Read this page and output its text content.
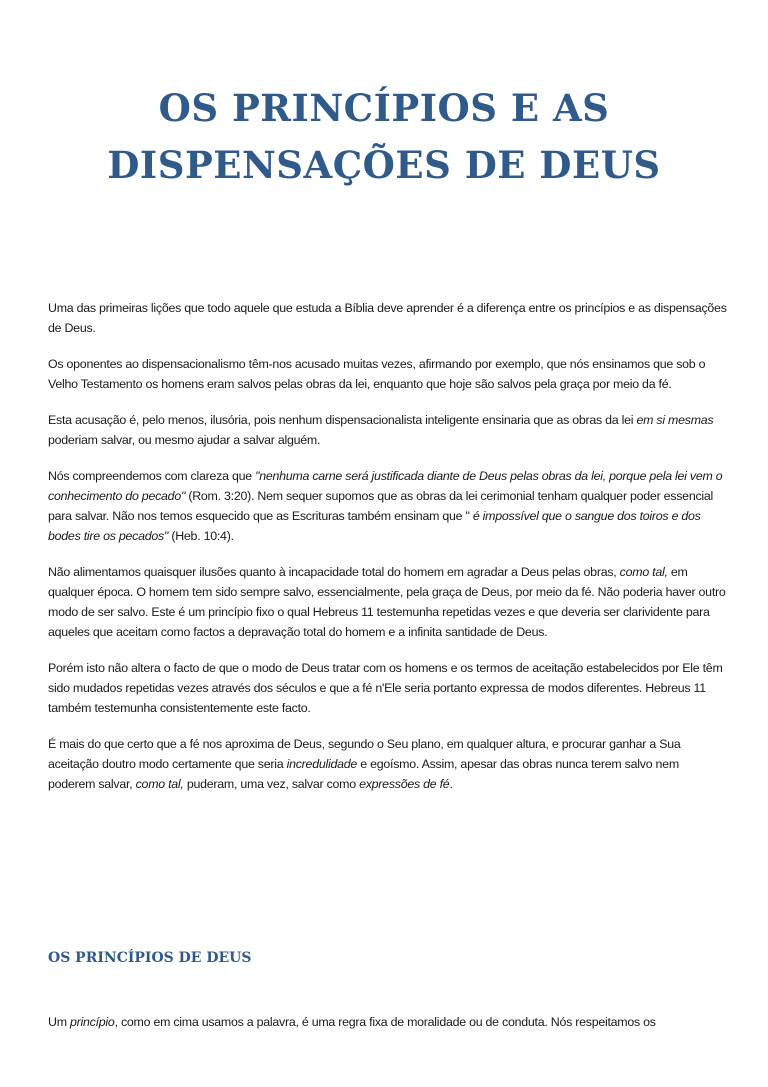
OS PRINCÍPIOS E AS
DISPENSAÇÕES DE DEUS

Uma das primeiras lições que todo aquele que estuda a Bíblia deve aprender é a diferença entre os princípios e as dispensações de Deus.

Os oponentes ao dispensacionalismo têm-nos acusado muitas vezes, afirmando por exemplo, que nós ensinamos que sob o Velho Testamento os homens eram salvos pelas obras da lei, enquanto que hoje são salvos pela graça por meio da fé.

Esta acusação é, pelo menos, ilusória, pois nenhum dispensacionalista inteligente ensinaria que as obras da lei em si mesmas poderiam salvar, ou mesmo ajudar a salvar alguém.

Nós compreendemos com clareza que "nenhuma carne será justificada diante de Deus pelas obras da lei, porque pela lei vem o conhecimento do pecado" (Rom. 3:20). Nem sequer supomos que as obras da lei cerimonial tenham qualquer poder essencial para salvar. Não nos temos esquecido que as Escrituras também ensinam que " é impossível que o sangue dos toiros e dos bodes tire os pecados" (Heb. 10:4).

Não alimentamos quaisquer ilusões quanto à incapacidade total do homem em agradar a Deus pelas obras, como tal, em qualquer época. O homem tem sido sempre salvo, essencialmente, pela graça de Deus, por meio da fé. Não poderia haver outro modo de ser salvo. Este é um princípio fixo o qual Hebreus 11 testemunha repetidas vezes e que deveria ser clarividente para aqueles que aceitam como factos a depravação total do homem e a infinita santidade de Deus.

Porém isto não altera o facto de que o modo de Deus tratar com os homens e os termos de aceitação estabelecidos por Ele têm sido mudados repetidas vezes através dos séculos e que a fé n'Ele seria portanto expressa de modos diferentes. Hebreus 11 também testemunha consistentemente este facto.

É mais do que certo que a fé nos aproxima de Deus, segundo o Seu plano, em qualquer altura, e procurar ganhar a Sua aceitação doutro modo certamente que seria incredulidade e egoísmo. Assim, apesar das obras nunca terem salvo nem poderem salvar, como tal, puderam, uma vez, salvar como expressões de fé.

OS PRINCÍPIOS DE DEUS
Um princípio, como em cima usamos a palavra, é uma regra fixa de moralidade ou de conduta. Nós respeitamos os
